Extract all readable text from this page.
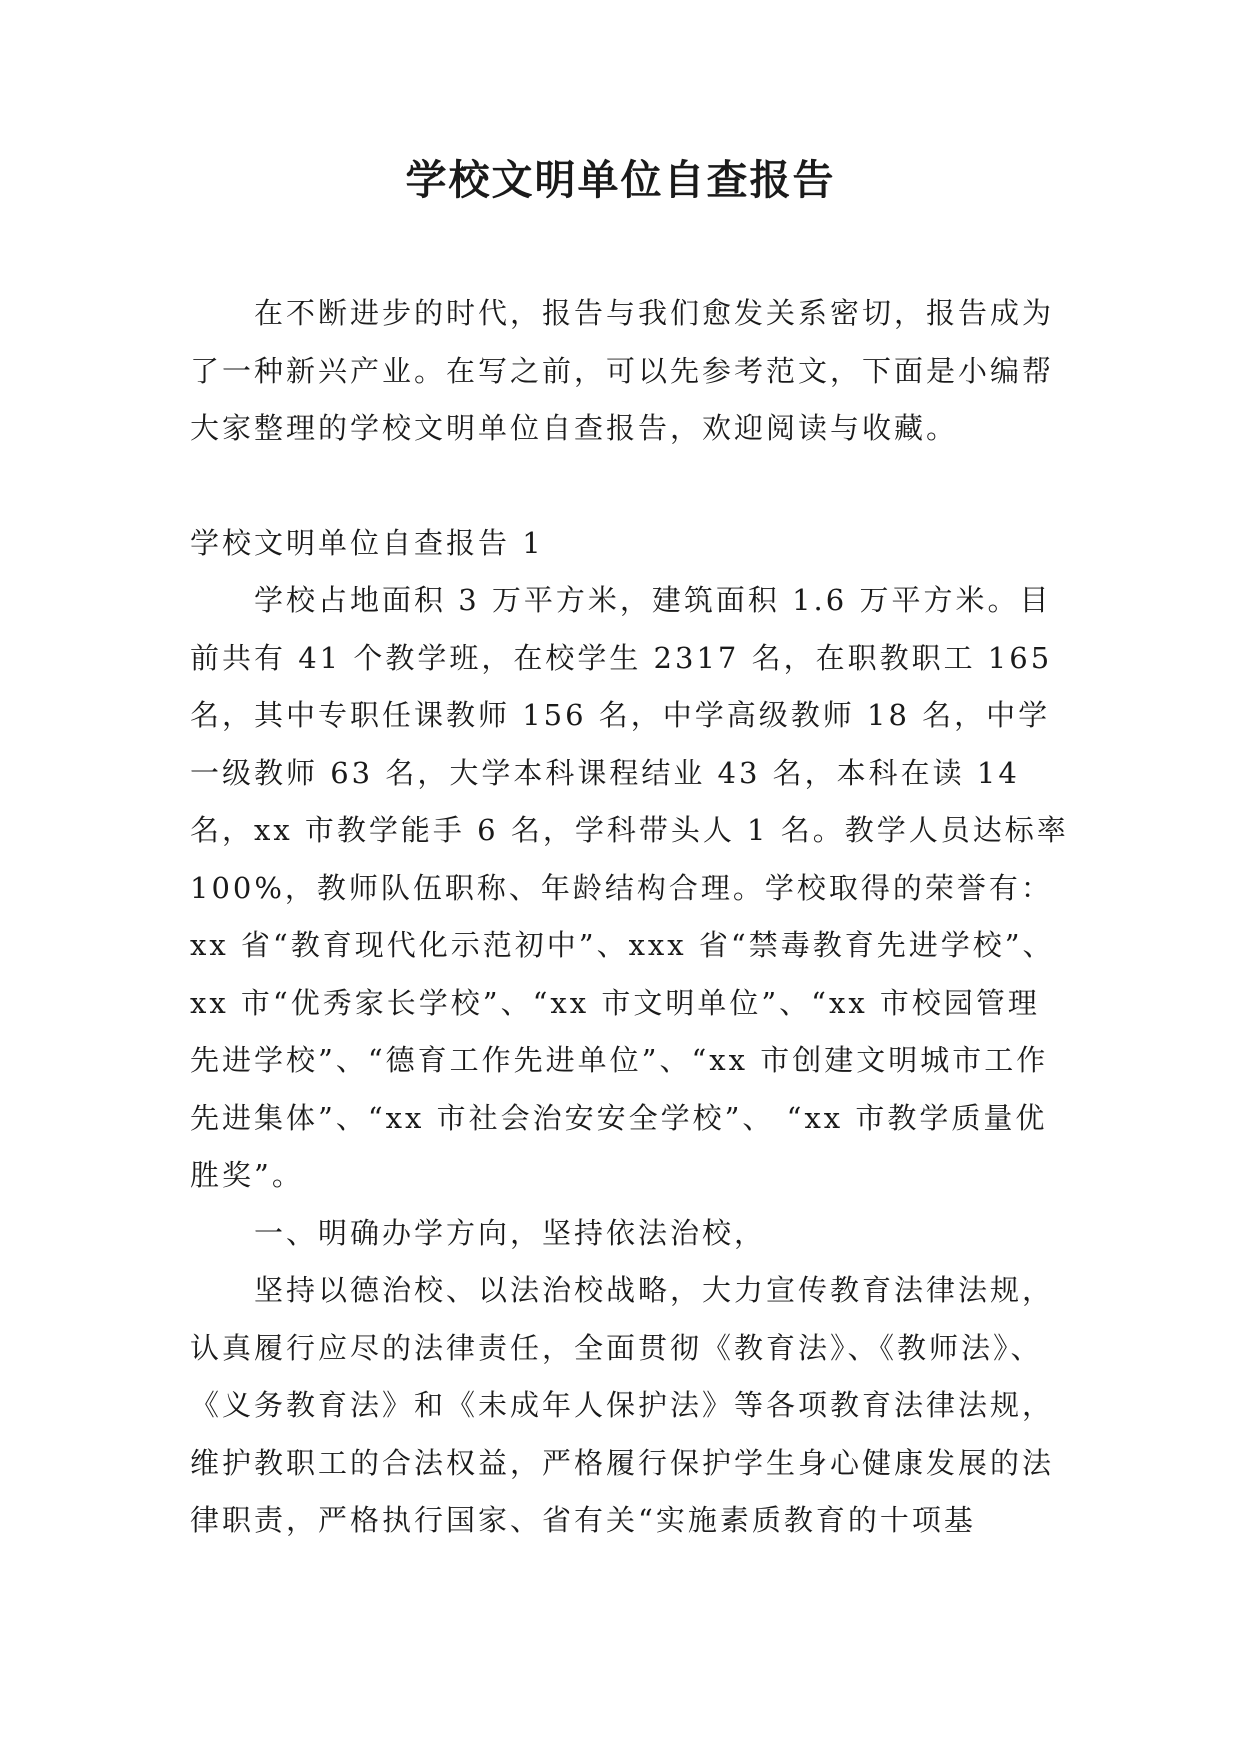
学校文明单位自查报告

在不断进步的时代，报告与我们愈发关系密切，报告成为了一种新兴产业。在写之前，可以先参考范文，下面是小编帮大家整理的学校文明单位自查报告，欢迎阅读与收藏。

学校文明单位自查报告 1

学校占地面积 3 万平方米，建筑面积 1.6 万平方米。目前共有 41 个教学班，在校学生 2317 名，在职教职工 165 名，其中专职任课教师 156 名，中学高级教师 18 名，中学一级教师 63 名，大学本科课程结业 43 名，本科在读 14 名，xx 市教学能手 6 名，学科带头人 1 名。教学人员达标率 100%，教师队伍职称、年龄结构合理。学校取得的荣誉有：xx 省“教育现代化示范初中”、xxx 省“禁毒教育先进学校”、 xx 市“优秀家长学校”、“xx 市文明单位”、“xx 市校园管理先进学校”、“德育工作先进单位”、“xx 市创建文明城市工作先进集体”、“xx 市社会治安安全学校”、 “xx 市教学质量优胜奖”。

一、明确办学方向，坚持依法治校，

坚持以德治校、以法治校战略，大力宣传教育法律法规，认真履行应尽的法律责任，全面贯彻《教育法》、《教师法》、《义务教育法》和《未成年人保护法》等各项教育法律法规，维护教职工的合法权益，严格履行保护学生身心健康发展的法律职责，严格执行国家、省有关“实施素质教育的十项基
